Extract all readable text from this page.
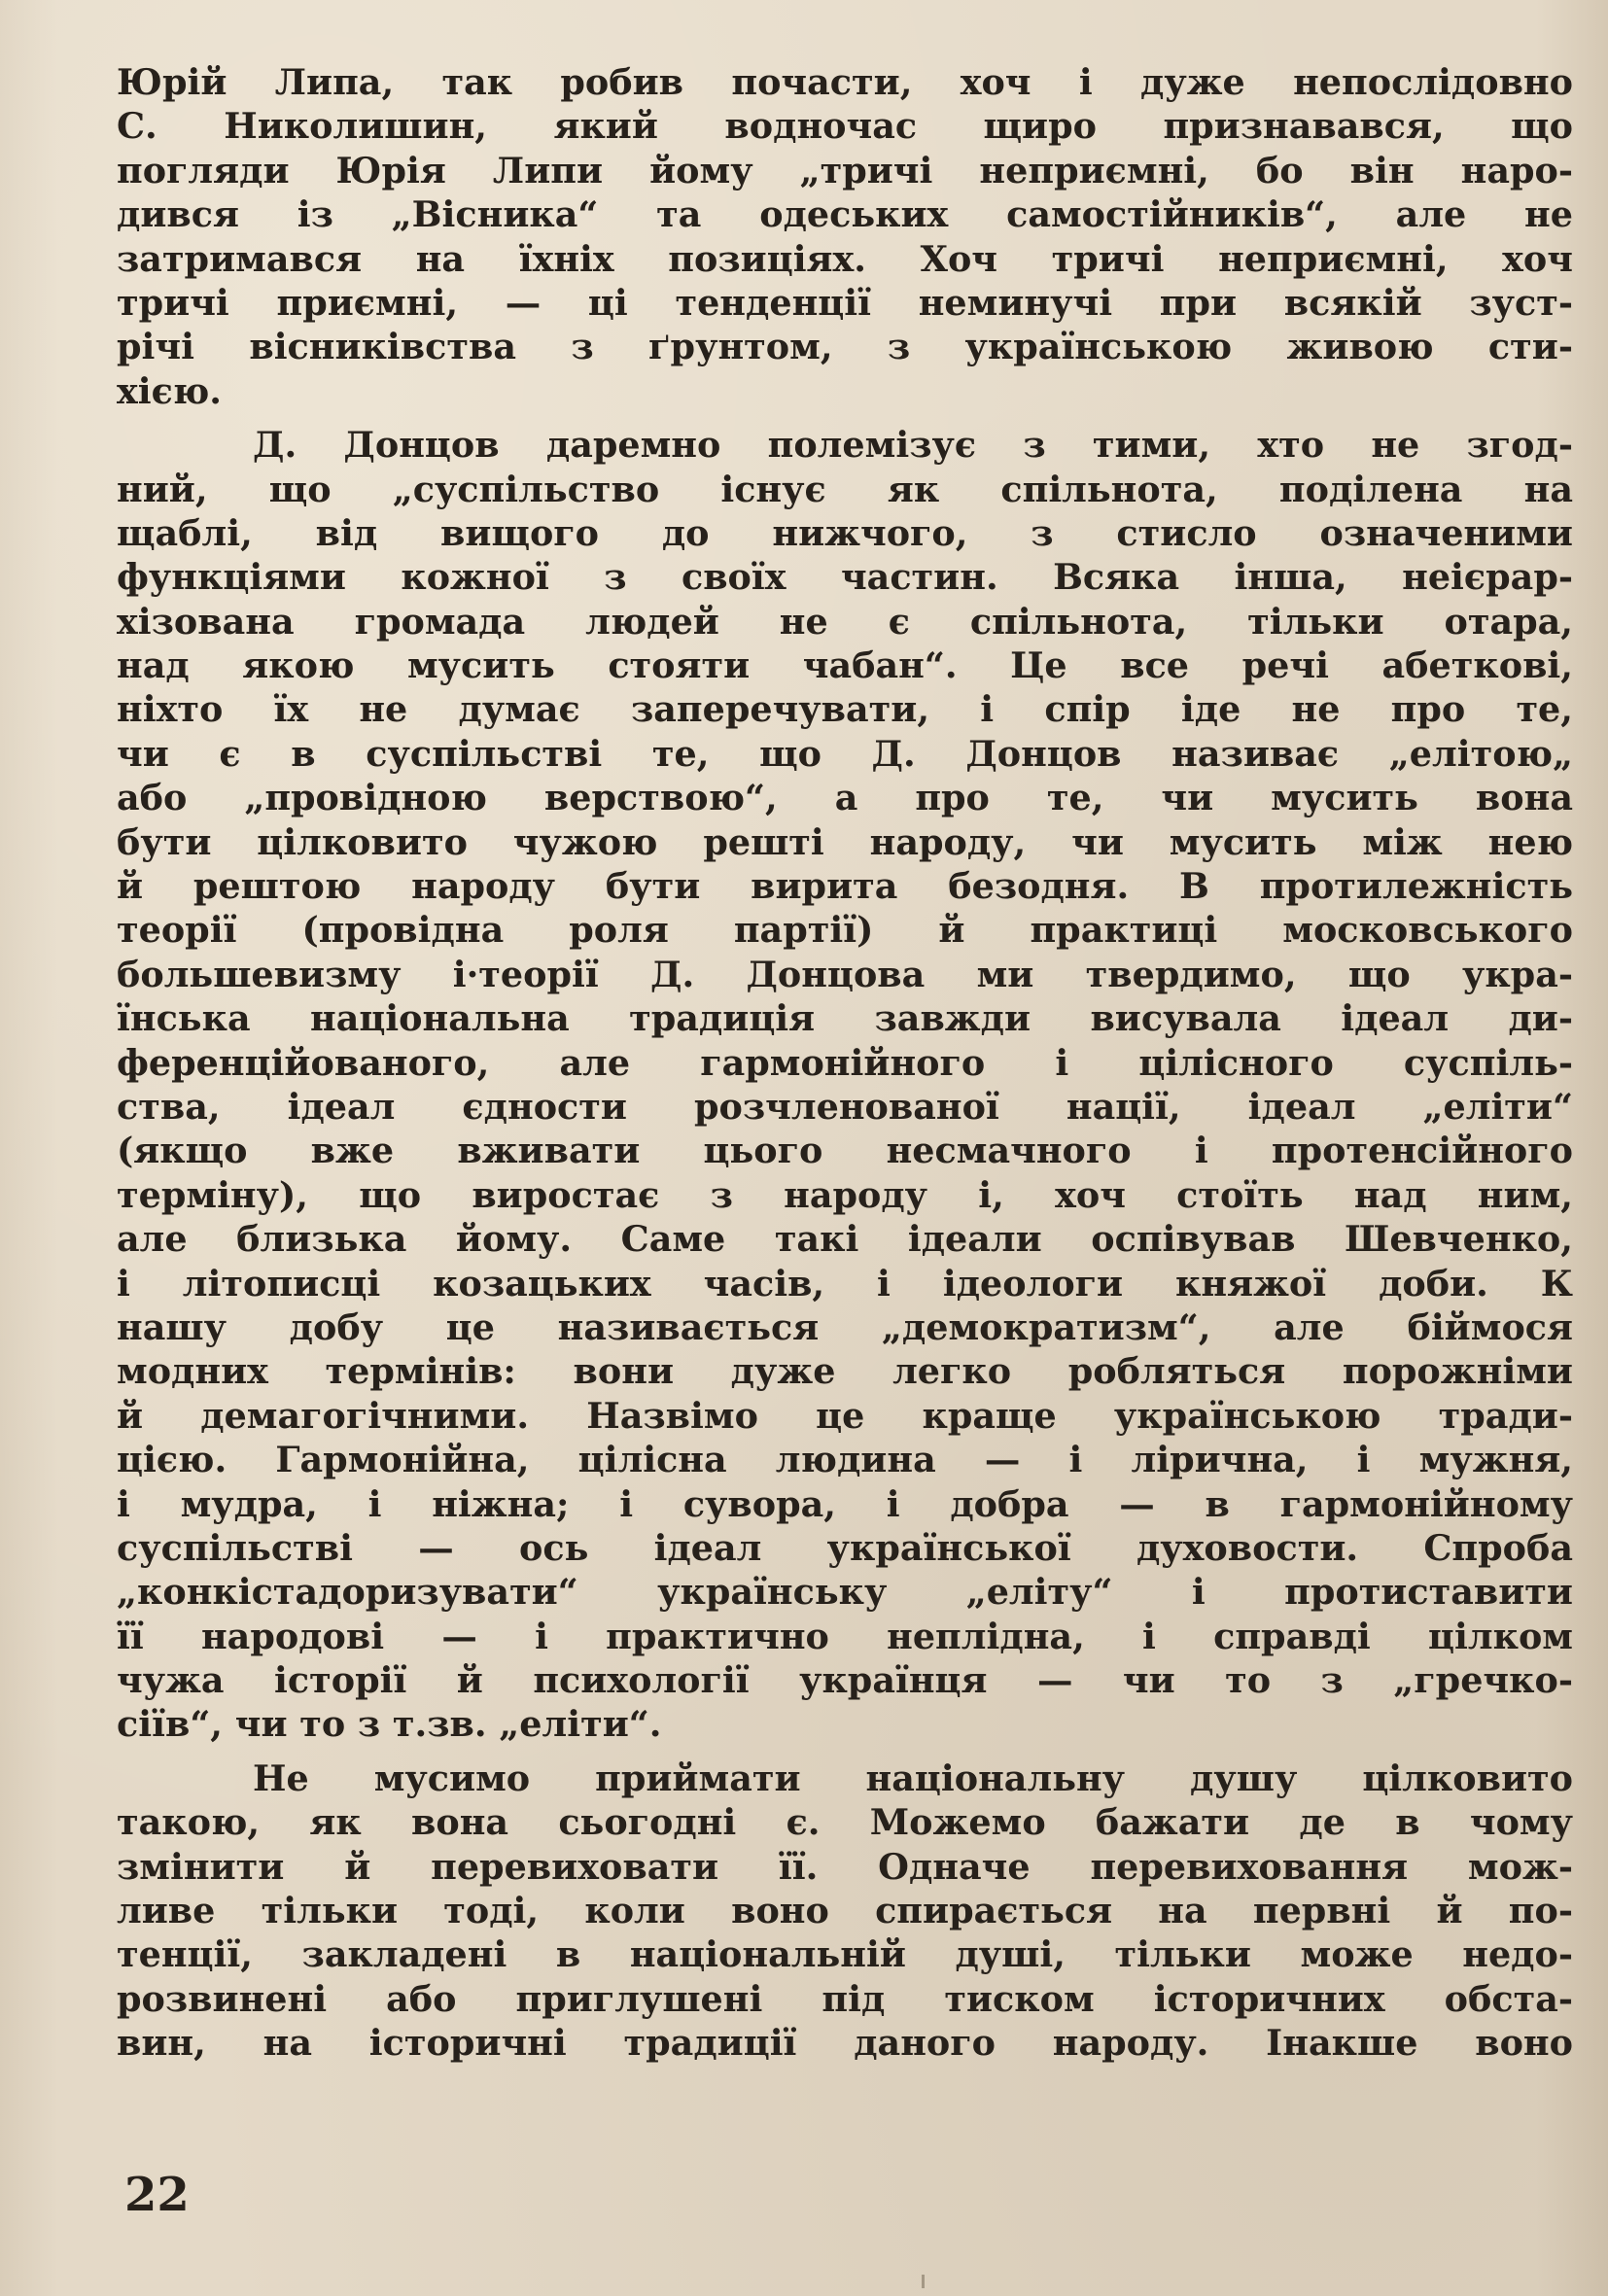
Юрій Липа, так робив почасти, хоч і дуже непослідовно
С. Николишин, який водночас щиро признавався, що
погляди Юрія Липи йому „тричі неприємні, бо він наро-
дився із „Вісника“ та одеських самостійників“, але не
затримався на їхніх позиціях. Хоч тричі неприємні, хоч
тричі приємні, — ці тенденції неминучі при всякій зуст-
річі вісниківства з ґрунтом, з українською живою сти-
хією.
Д. Донцов даремно полемізує з тими, хто не згод-
ний, що „суспільство існує як спільнота, поділена на
щаблі, від вищого до нижчого, з стисло означеними
функціями кожної з своїх частин. Всяка інша, неієрар-
хізована громада людей не є спільнота, тільки отара,
над якою мусить стояти чабан“. Це все речі абеткові,
ніхто їх не думає заперечувати, і спір іде не про те,
чи є в суспільстві те, що Д. Донцов називає „елітою„
або „провідною верствою“, а про те, чи мусить вона
бути цілковито чужою решті народу, чи мусить між нею
й рештою народу бути вирита безодня. В протилежність
теорії (провідна роля партії) й практиці московського
большевизму і·теорії Д. Донцова ми твердимо, що укра-
їнська національна традиція завжди висувала ідеал ди-
ференційованого, але гармонійного і цілісного суспіль-
ства, ідеал єдности розчленованої нації, ідеал „еліти“
(якщо вже вживати цього несмачного і протенсійного
терміну), що виростає з народу і, хоч стоїть над ним,
але близька йому. Саме такі ідеали оспівував Шевченко,
і літописці козацьких часів, і ідеологи княжої доби. К
нашу добу це називається „демократизм“, але біймося
модних термінів: вони дуже легко робляться порожніми
й демагогічними. Назвімо це краще українською тради-
цією. Гармонійна, цілісна людина — і лірична, і мужня,
і мудра, і ніжна; і сувора, і добра — в гармонійному
суспільстві — ось ідеал української духовости. Спроба
„конкістадоризувати“ українську „еліту“ і протиставити
її народові — і практично неплідна, і справді цілком
чужа історії й психології українця — чи то з „гречко-
сіїв“, чи то з т.зв. „еліти“.
Не мусимо приймати національну душу цілковито
такою, як вона сьогодні є. Можемо бажати де в чому
змінити й перевиховати її. Одначе перевиховання мож-
ливе тільки тоді, коли воно спирається на первні й по-
тенції, закладені в національній душі, тільки може недо-
розвинені або приглушені під тиском історичних обста-
вин, на історичні традиції даного народу. Інакше воно
22
